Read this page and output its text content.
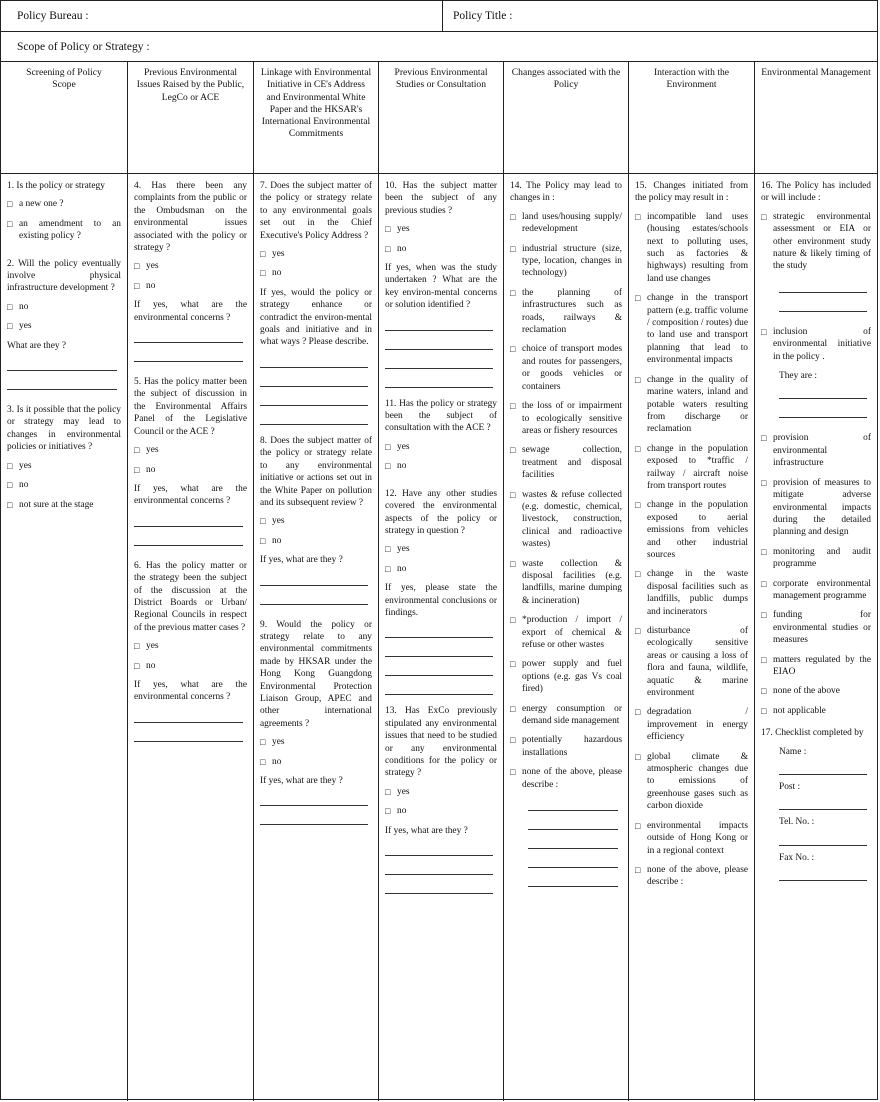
Policy Bureau :	Policy Title :
Scope of Policy or Strategy :
Screening of Policy Scope
1. Is the policy or strategy
□ a new one ?
□ an amendment to an existing policy ?
2. Will the policy eventually involve physical infrastructure development ?
□ no
□ yes
What are they ?
3. Is it possible that the policy or strategy may lead to changes in environmental policies or initiatives ?
□ yes
□ no
□ not sure at the stage
Previous Environmental Issues Raised by the Public, LegCo or ACE
4. Has there been any complaints from the public or the Ombudsman on the environmental issues associated with the policy or strategy ?
□ yes
□ no
If yes, what are the environmental concerns ?
5. Has the policy matter been the subject of discussion in the Environmental Affairs Panel of the Legislative Council or the ACE ?
□ yes
□ no
If yes, what are the environmental concerns ?
6. Has the policy matter or the strategy been the subject of the discussion at the District Boards or Urban/ Regional Councils in respect of the previous matter cases ?
□ yes
□ no
If yes, what are the environmental concerns ?
Linkage with Environmental Initiative in CE's Address and Environmental White Paper and the HKSAR's International Environmental Commitments
7. Does the subject matter of the policy or strategy relate to any environmental goals set out in the Chief Executive's Policy Address ?
□ yes
□ no
If yes, would the policy or strategy enhance or contradict the environ-mental goals and initiative and in what ways ? Please describe.
8. Does the subject matter of the policy or strategy relate to any environmental initiative or actions set out in the White Paper on pollution and its subsequent review ?
□ yes
□ no
If yes, what are they ?
9. Would the policy or strategy relate to any environmental commitments made by HKSAR under the Hong Kong Guangdong Environmental Protection Liaison Group, APEC and other international agreements ?
□ yes
□ no
If yes, what are they ?
Previous Environmental Studies or Consultation
10. Has the subject matter been the subject of any previous studies ?
□ yes
□ no
If yes, when was the study undertaken ? What are the key environ-mental concerns or solution identified ?
11. Has the policy or strategy been the subject of consultation with the ACE ?
□ yes
□ no
12. Have any other studies covered the environmental aspects of the policy or strategy in question ?
□ yes
□ no
If yes, please state the environmental conclusions or findings.
13. Has ExCo previously stipulated any environmental issues that need to be studied or any environmental conditions for the policy or strategy ?
□ yes
□ no
If yes, what are they ?
Changes associated with the Policy
14. The Policy may lead to changes in :
□ land uses/housing supply/ redevelopment
□ industrial structure (size, type, location, changes in technology)
□ the planning of infrastructures such as roads, railways & reclamation
□ choice of transport modes and routes for passengers, or goods vehicles or containers
□ the loss of or impairment to ecologically sensitive areas or fishery resources
□ sewage collection, treatment and disposal facilities
□ wastes & refuse collected (e.g. domestic, chemical, livestock, construction, clinical and radioactive wastes)
□ waste collection & disposal facilities (e.g. landfills, marine dumping & incineration)
□ *production / import / export of chemical & refuse or other wastes
□ power supply and fuel options (e.g. gas Vs coal fired)
□ energy consumption or demand side management
□ potentially hazardous installations
□ none of the above, please describe :
Interaction with the Environment
15. Changes initiated from the policy may result in :
□ incompatible land uses (housing estates/schools next to polluting uses, such as factories & highways) resulting from land use changes
□ change in the transport pattern (e.g. traffic volume / composition / routes) due to land use and transport planning that lead to environmental impacts
□ change in the quality of marine waters, inland and potable waters resulting from discharge or reclamation
□ change in the population exposed to *traffic / railway / aircraft noise from transport routes
□ change in the population exposed to aerial emissions from vehicles and other industrial sources
□ change in the waste disposal facilities such as landfills, public dumps and incinerators
□ disturbance of ecologically sensitive areas or causing a loss of flora and fauna, wildlife, aquatic & marine environment
□ degradation / improvement in energy efficiency
□ global climate & atmospheric changes due to emissions of greenhouse gases such as carbon dioxide
□ environmental impacts outside of Hong Kong or in a regional context
□ none of the above, please describe :
Environmental Management
16. The Policy has included or will include :
□ strategic environmental assessment or EIA or other environment study nature & likely timing of the study
□ inclusion of environmental initiative in the policy .
They are :
□ provision of environmental infrastructure
□ provision of measures to mitigate adverse environmental impacts during the detailed planning and design
□ monitoring and audit programme
□ corporate environmental management programme
□ funding for environmental studies or measures
□ matters regulated by the EIAO
□ none of the above
□ not applicable
17. Checklist completed by
Name :
Post :
Tel. No. :
Fax No. :
